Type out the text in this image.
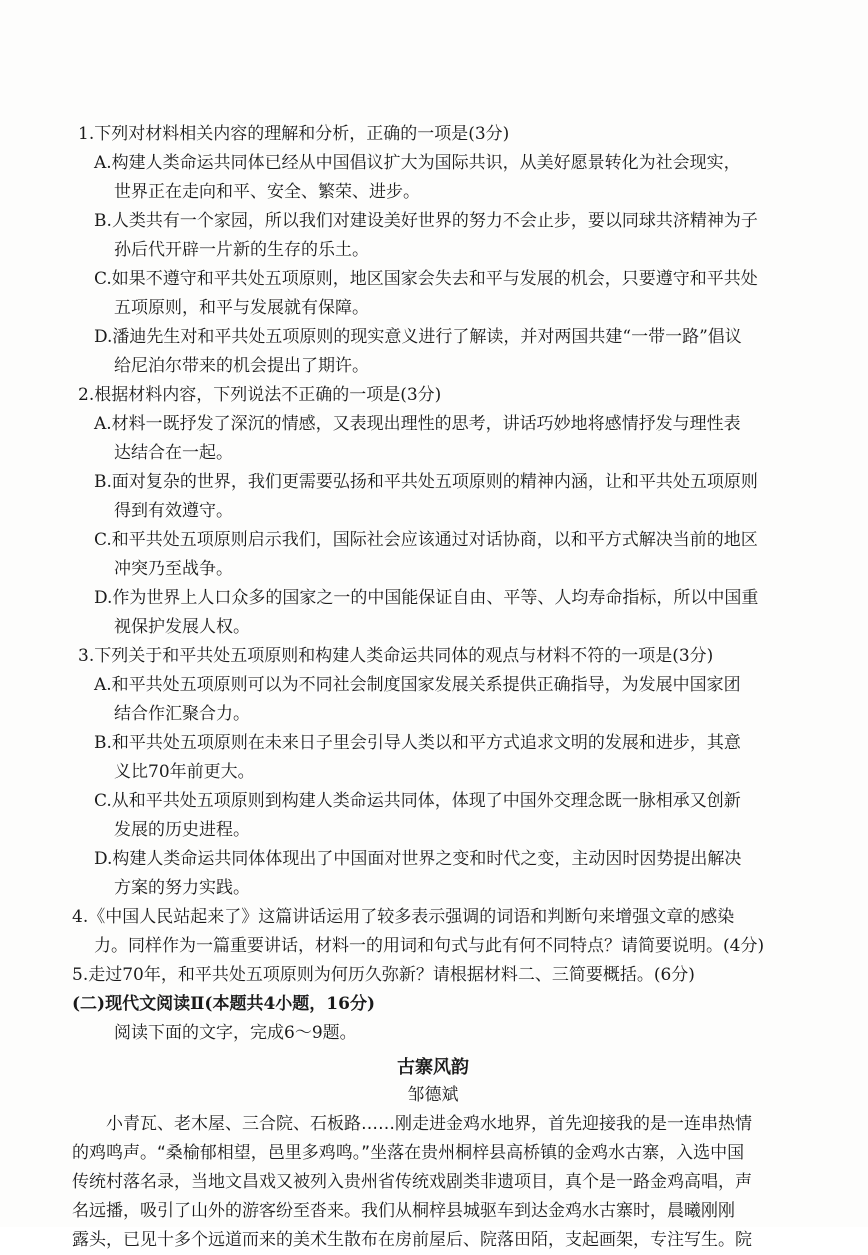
1.下列对材料相关内容的理解和分析，正确的一项是(3分)

A.构建人类命运共同体已经从中国倡议扩大为国际共识，从美好愿景转化为社会现实，

世界正在走向和平、安全、繁荣、进步。

B.人类共有一个家园，所以我们对建设美好世界的努力不会止步，要以同球共济精神为子

孙后代开辟一片新的生存的乐土。

C.如果不遵守和平共处五项原则，地区国家会失去和平与发展的机会，只要遵守和平共处

五项原则，和平与发展就有保障。

D.潘迪先生对和平共处五项原则的现实意义进行了解读，并对两国共建“一带一路”倡议

给尼泊尔带来的机会提出了期许。

2.根据材料内容，下列说法不正确的一项是(3分)

A.材料一既抒发了深沉的情感，又表现出理性的思考，讲话巧妙地将感情抒发与理性表

达结合在一起。

B.面对复杂的世界，我们更需要弘扬和平共处五项原则的精神内涵，让和平共处五项原则

得到有效遵守。

C.和平共处五项原则启示我们，国际社会应该通过对话协商，以和平方式解决当前的地区

冲突乃至战争。

D.作为世界上人口众多的国家之一的中国能保证自由、平等、人均寿命指标，所以中国重

视保护发展人权。

3.下列关于和平共处五项原则和构建人类命运共同体的观点与材料不符的一项是(3分)

A.和平共处五项原则可以为不同社会制度国家发展关系提供正确指导，为发展中国家团

结合作汇聚合力。

B.和平共处五项原则在未来日子里会引导人类以和平方式追求文明的发展和进步，其意

义比70年前更大。

C.从和平共处五项原则到构建人类命运共同体，体现了中国外交理念既一脉相承又创新

发展的历史进程。

D.构建人类命运共同体体现出了中国面对世界之变和时代之变，主动因时因势提出解决

方案的努力实践。

4.《中国人民站起来了》这篇讲话运用了较多表示强调的词语和判断句来增强文章的感染

力。同样作为一篇重要讲话，材料一的用词和句式与此有何不同特点？请简要说明。(4分)

5.走过70年，和平共处五项原则为何历久弥新？请根据材料二、三简要概括。(6分)

(二)现代文阅读Ⅱ(本题共4小题，16分)

阅读下面的文字，完成6～9题。

古寨风韵

邹德斌

小青瓦、老木屋、三合院、石板路……刚走进金鸡水地界，首先迎接我的是一连串热情

的鸡鸣声。“桑榆郁相望，邑里多鸡鸣。”坐落在贵州桐梓县高桥镇的金鸡水古寨，入选中国

传统村落名录，当地文昌戏又被列入贵州省传统戏剧类非遗项目，真个是一路金鸡高唱，声

名远播，吸引了山外的游客纷至沓来。我们从桐梓县城驱车到达金鸡水古寨时，晨曦刚刚

露头，已见十多个远道而来的美术生散布在房前屋后、院落田陌，支起画架，专注写生。院
